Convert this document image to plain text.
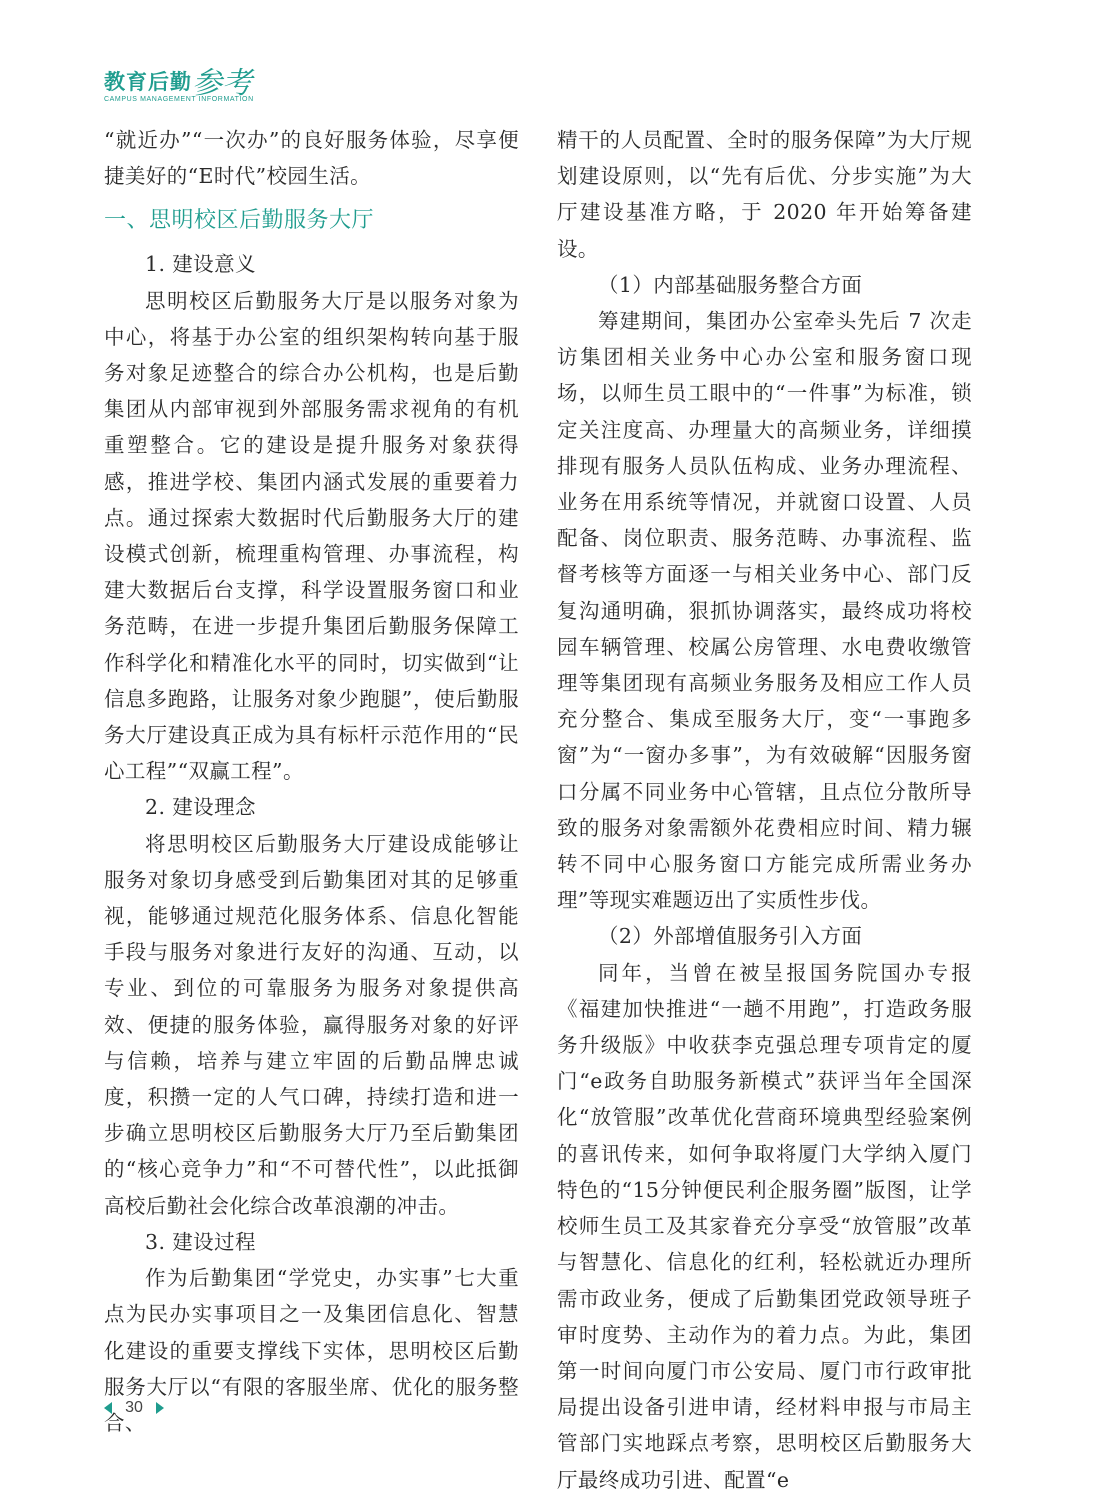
教育后勤 参考
CAMPUS MANAGEMENT INFORMATION

“就近办”“一次办”的良好服务体验，尽享便捷美好的“E时代”校园生活。

一、思明校区后勤服务大厅

1. 建设意义

思明校区后勤服务大厅是以服务对象为中心，将基于办公室的组织架构转向基于服务对象足迹整合的综合办公机构，也是后勤集团从内部审视到外部服务需求视角的有机重塑整合。它的建设是提升服务对象获得感，推进学校、集团内涵式发展的重要着力点。通过探索大数据时代后勤服务大厅的建设模式创新，梳理重构管理、办事流程，构建大数据后台支撑，科学设置服务窗口和业务范畴，在进一步提升集团后勤服务保障工作科学化和精准化水平的同时，切实做到“让信息多跑路，让服务对象少跑腿”，使后勤服务大厅建设真正成为具有标杆示范作用的“民心工程”“双赢工程”。

2. 建设理念

将思明校区后勤服务大厅建设成能够让服务对象切身感受到后勤集团对其的足够重视，能够通过规范化服务体系、信息化智能手段与服务对象进行友好的沟通、互动，以专业、到位的可靠服务为服务对象提供高效、便捷的服务体验，赢得服务对象的好评与信赖，培养与建立牢固的后勤品牌忠诚度，积攒一定的人气口碑，持续打造和进一步确立思明校区后勤服务大厅乃至后勤集团的“核心竞争力”和“不可替代性”，以此抵御高校后勤社会化综合改革浪潮的冲击。

3. 建设过程

作为后勤集团“学党史，办实事”七大重点为民办实事项目之一及集团信息化、智慧化建设的重要支撑线下实体，思明校区后勤服务大厅以“有限的客服坐席、优化的服务整合、

精干的人员配置、全时的服务保障”为大厅规划建设原则，以“先有后优、分步实施”为大厅建设基准方略，于 2020 年开始筹备建设。

（1）内部基础服务整合方面

筹建期间，集团办公室牵头先后 7 次走访集团相关业务中心办公室和服务窗口现场，以师生员工眼中的“一件事”为标准，锁定关注度高、办理量大的高频业务，详细摸排现有服务人员队伍构成、业务办理流程、业务在用系统等情况，并就窗口设置、人员配备、岗位职责、服务范畴、办事流程、监督考核等方面逐一与相关业务中心、部门反复沟通明确，狠抓协调落实，最终成功将校园车辆管理、校属公房管理、水电费收缴管理等集团现有高频业务服务及相应工作人员充分整合、集成至服务大厅，变“一事跑多窗”为“一窗办多事”，为有效破解“因服务窗口分属不同业务中心管辖，且点位分散所导致的服务对象需额外花费相应时间、精力辗转不同中心服务窗口方能完成所需业务办理”等现实难题迈出了实质性步伐。

（2）外部增值服务引入方面

同年，当曾在被呈报国务院国办专报《福建加快推进“一趟不用跑”，打造政务服务升级版》中收获李克强总理专项肯定的厦门“e政务自助服务新模式”获评当年全国深化“放管服”改革优化营商环境典型经验案例的喜讯传来，如何争取将厦门大学纳入厦门特色的“15分钟便民利企服务圈”版图，让学校师生员工及其家眷充分享受“放管服”改革与智慧化、信息化的红利，轻松就近办理所需市政业务，便成了后勤集团党政领导班子审时度势、主动作为的着力点。为此，集团第一时间向厦门市公安局、厦门市行政审批局提出设备引进申请，经材料申报与市局主管部门实地踩点考察，思明校区后勤服务大厅最终成功引进、配置“e

30
